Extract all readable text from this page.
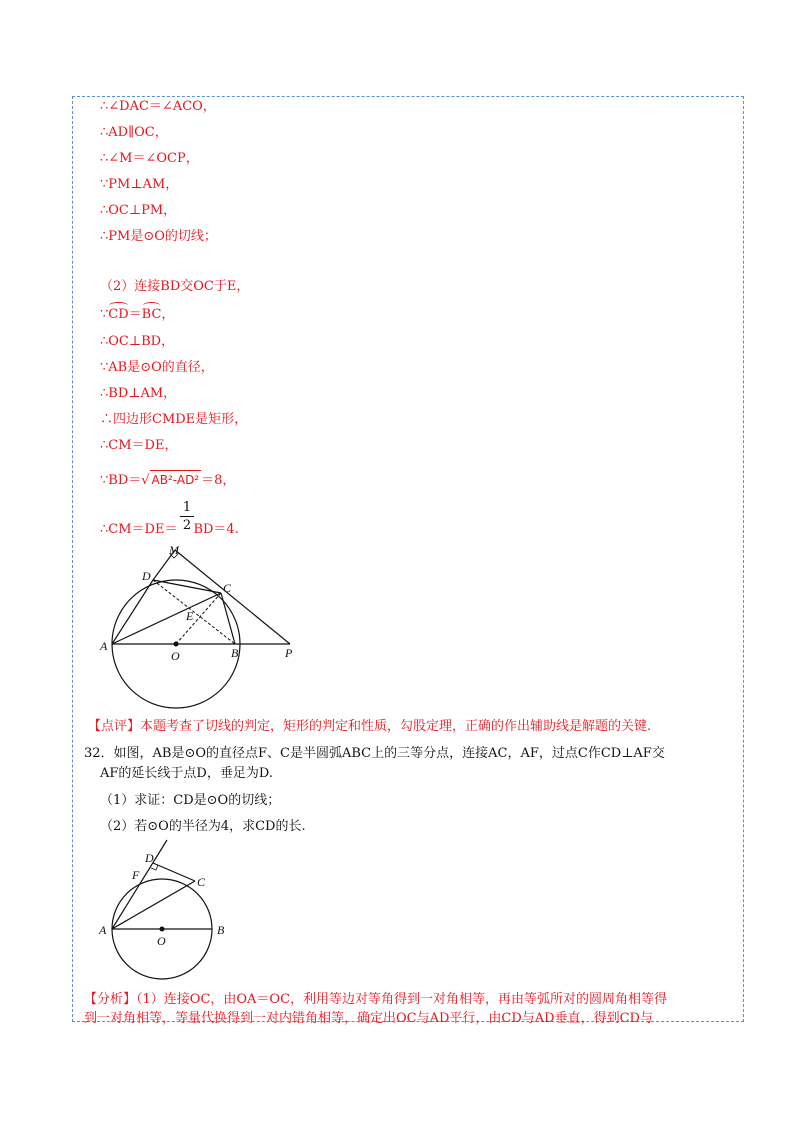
∴∠DAC＝∠ACO，
∴AD∥OC，
∴∠M＝∠OCP，
∵PM⊥AM，
∴OC⊥PM，
∴PM是⊙O的切线；
（2）连接BD交OC于E，
∵CD＝BC，
∴OC⊥BD，
∵AB是⊙O的直径，
∴BD⊥AM，
∴四边形CMDE是矩形，
∴CM＝DE，
∵BD＝√ AB²-AD² ＝8，
1
2
∴CM＝DE＝ BD＝4.
M
D
C
E
A
O	B	P
【点评】本题考查了切线的判定，矩形的判定和性质，勾股定理，正确的作出辅助线是解题的关键.
32．如图，AB是⊙O的直径点F、C是半圆弧ABC上的三等分点，连接AC，AF，过点C作CD⊥AF交
AF的延长线于点D，垂足为D.
（1）求证：CD是⊙O的切线；
（2）若⊙O的半径为4，求CD的长.
D
F	C
A
O
B
【分析】（1）连接OC，由OA＝OC，利用等边对等角得到一对角相等，再由等弧所对的圆周角相等得
到一对角相等，等量代换得到一对内错角相等，确定出OC与AD平行，由CD与AD垂直，得到CD与
